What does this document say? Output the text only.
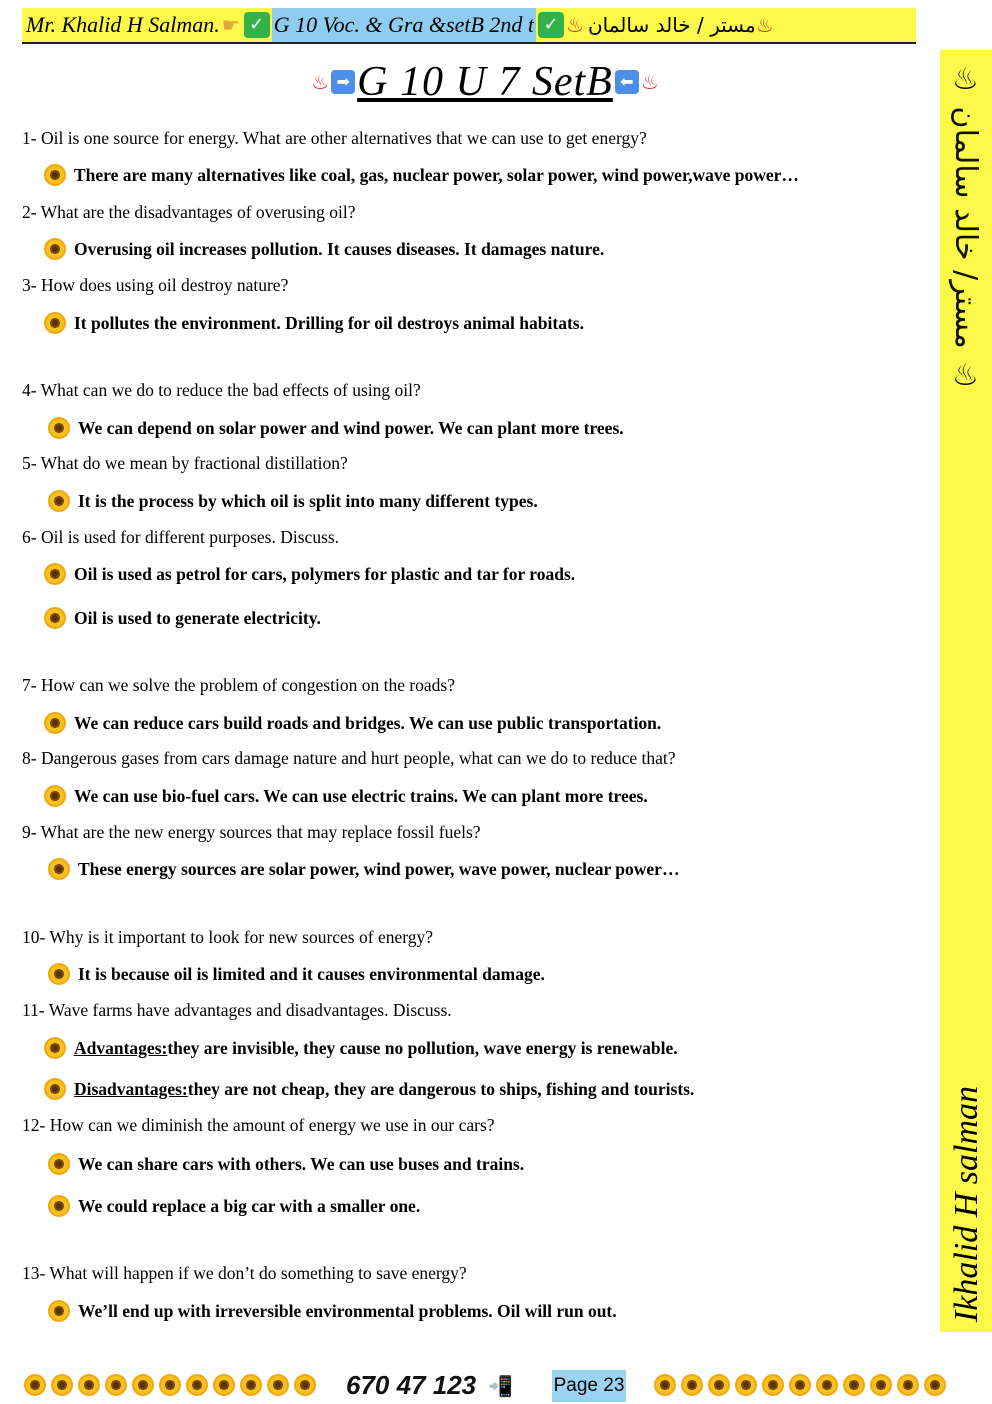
Mr. Khalid H Salman. ☛ ✓ G 10 Voc. & Gra &setB 2nd t ✓ ♨ مستر / خالد سالمان ♨
♨ ➡ G 10 U 7 SetB ⬅ ♨	♨ مستر/ خالد سالمان ♨
Ikhalid H salman
1- Oil is one source for energy. What are other alternatives that we can use to get energy?
There are many alternatives like coal, gas, nuclear power, solar power, wind power,wave power…
2- What are the disadvantages of overusing oil?
Overusing oil increases pollution. It causes diseases. It damages nature.
3- How does using oil destroy nature?
It pollutes the environment. Drilling for oil destroys animal habitats.
4- What can we do to reduce the bad effects of using oil?
We can depend on solar power and wind power. We can plant more trees.
5- What do we mean by fractional distillation?
It is the process by which oil is split into many different types.
6- Oil is used for different purposes. Discuss.
Oil is used as petrol for cars, polymers for plastic and tar for roads.
Oil is used to generate electricity.
7- How can we solve the problem of congestion on the roads?
We can reduce cars build roads and bridges. We can use public transportation.
8- Dangerous gases from cars damage nature and hurt people, what can we do to reduce that?
We can use bio-fuel cars. We can use electric trains. We can plant more trees.
9- What are the new energy sources that may replace fossil fuels?
These energy sources are solar power, wind power, wave power, nuclear power…
10- Why is it important to look for new sources of energy?
It is because oil is limited and it causes environmental damage.
11- Wave farms have advantages and disadvantages. Discuss.
Advantages: they are invisible, they cause no pollution, wave energy is renewable.
Disadvantages: they are not cheap, they are dangerous to ships, fishing and tourists.
12- How can we diminish the amount of energy we use in our cars?
We can share cars with others. We can use buses and trains.
We could replace a big car with a smaller one.
13- What will happen if we don’t do something to save energy?
We’ll end up with irreversible environmental problems. Oil will run out.
670 47 123 📲 Page 23
